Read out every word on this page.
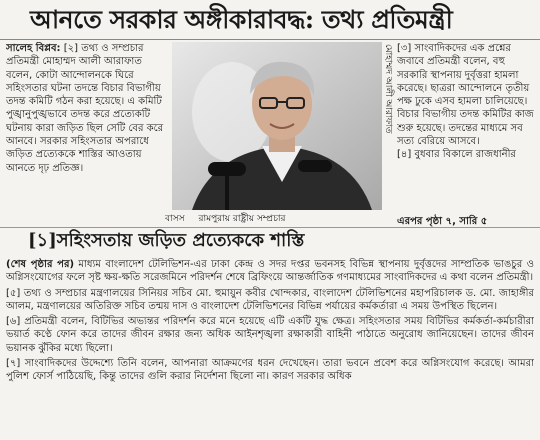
আনতে সরকার অঙ্গীকারাবদ্ধ: তথ্য প্রতিমন্ত্রী

সালেহ বিপ্লব: [২] তথ্য ও সম্প্রচার প্রতিমন্ত্রী মোহাম্মদ আলী আরাফাত বলেন, কোটা আন্দোলনকে ঘিরে সহিংসতার ঘটনা তদন্তে বিচার বিভাগীয় তদন্ত কমিটি গঠন করা হয়েছে। এ কমিটি পুঙ্খানুপুঙ্খভাবে তদন্ত করে প্রত্যেকটি ঘটনায় কারা জড়িত ছিল সেটি বের করে আনবে। সরকার সহিংসতার অপরাধে জড়িত প্রত্যেককে শাস্তির আওতায় আনতে দৃঢ় প্রতিজ্ঞ।

মোহাম্মদ আলী আরাফাত [৩] সাংবাদিকদের এক প্রশ্নের জবাবে প্রতিমন্ত্রী বলেন, বহু সরকারি স্থাপনায় দুর্বৃত্তরা হামলা করেছে। ছাত্ররা আন্দোলনে তৃতীয় পক্ষ ঢুকে এসব হামলা চালিয়েছে। বিচার বিভাগীয় তদন্ত কমিটির কাজ শুরু হয়েছে। তদন্তের মাধ্যমে সব সত্য বেরিয়ে আসবে।

[৪] বুধবার বিকালে রাজধানীর

বাসস রামপুরায় রাষ্ট্রীয় সম্প্রচার	এরপর পৃষ্ঠা ৭, সারি ৫
[১]সহিংসতায় জড়িত প্রত্যেককে শাস্তি

(শেষ পৃষ্ঠার পর) মাধ্যম বাংলাদেশ টেলিভিশন-এর ঢাকা কেন্দ্র ও সদর দপ্তর ভবনসহ বিভিন্ন স্থাপনায় দুর্বৃত্তদের সাম্প্রতিক ভাঙচুর ও অগ্নিসংযোগের ফলে সৃষ্ট ক্ষয়-ক্ষতি সরেজমিনে পরিদর্শন শেষে ব্রিফিংয়ে আন্তর্জাতিক গণমাধ্যমের সাংবাদিকদের এ কথা বলেন প্রতিমন্ত্রী।

[৫] তথ্য ও সম্প্রচার মন্ত্রণালয়ের সিনিয়র সচিব মো. হুমায়ুন কবীর খোন্দকার, বাংলাদেশ টেলিভিশনের মহাপরিচালক ড. মো. জাহাঙ্গীর আলম, মন্ত্রণালয়ের অতিরিক্ত সচিব তন্ময় দাস ও বাংলাদেশ টেলিভিশনের বিভিন্ন পর্যায়ের কর্মকর্তারা এ সময় উপস্থিত ছিলেন।

[৬] প্রতিমন্ত্রী বলেন, বিটিভির অভ্যন্তর পরিদর্শন করে মনে হয়েছে এটি একটি যুদ্ধ ক্ষেত্র। সহিংসতার সময় বিটিভির কর্মকর্তা-কর্মচারীরা ভয়ার্ত কণ্ঠে ফোন করে তাদের জীবন রক্ষার জন্য অধিক আইনশৃঙ্খলা রক্ষাকারী বাহিনী পাঠাতে অনুরোধ জানিয়েছেন। তাদের জীবন ভয়ানক ঝুঁকির মধ্যে ছিলো।

[৭] সাংবাদিকদের উদ্দেশ্যে তিনি বলেন, আপনারা আক্রমণের ধরন দেখেছেন। তারা ভবনে প্রবেশ করে অগ্নিসংযোগ করেছে। আমরা পুলিশ ফোর্স পাঠিয়েছি, কিন্তু তাদের গুলি করার নির্দেশনা ছিলো না। কারণ সরকার অধিক
